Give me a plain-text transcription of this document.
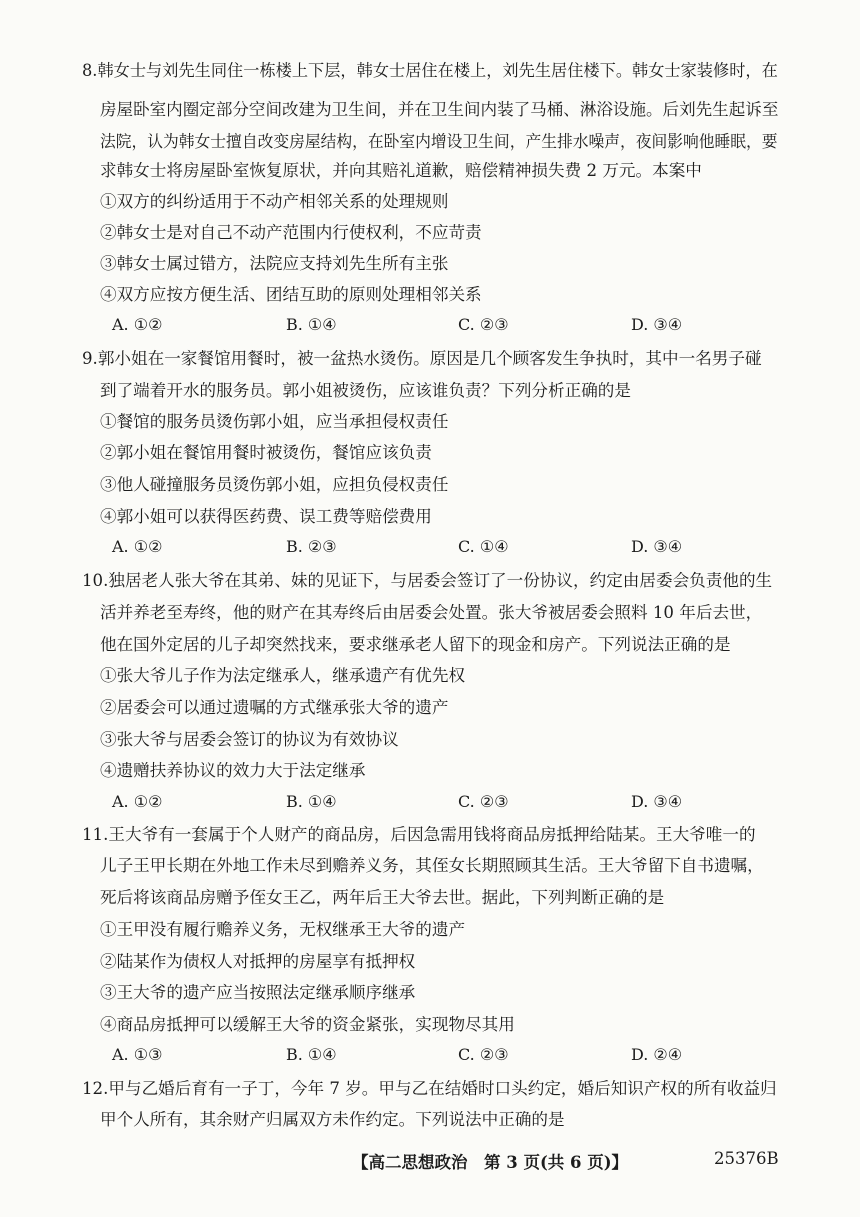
8.韩女士与刘先生同住一栋楼上下层，韩女士居住在楼上，刘先生居住楼下。韩女士家装修时，在
房屋卧室内圈定部分空间改建为卫生间，并在卫生间内装了马桶、淋浴设施。后刘先生起诉至
法院，认为韩女士擅自改变房屋结构，在卧室内增设卫生间，产生排水噪声，夜间影响他睡眠，要
求韩女士将房屋卧室恢复原状，并向其赔礼道歉，赔偿精神损失费 2 万元。本案中
①双方的纠纷适用于不动产相邻关系的处理规则
②韩女士是对自己不动产范围内行使权利，不应苛责
③韩女士属过错方，法院应支持刘先生所有主张
④双方应按方便生活、团结互助的原则处理相邻关系
A. ①②	B. ①④	C. ②③	D. ③④
9.郭小姐在一家餐馆用餐时，被一盆热水烫伤。原因是几个顾客发生争执时，其中一名男子碰
到了端着开水的服务员。郭小姐被烫伤，应该谁负责？下列分析正确的是
①餐馆的服务员烫伤郭小姐，应当承担侵权责任
②郭小姐在餐馆用餐时被烫伤，餐馆应该负责
③他人碰撞服务员烫伤郭小姐，应担负侵权责任
④郭小姐可以获得医药费、误工费等赔偿费用
A. ①②	B. ②③	C. ①④	D. ③④
10.独居老人张大爷在其弟、妹的见证下，与居委会签订了一份协议，约定由居委会负责他的生
活并养老至寿终，他的财产在其寿终后由居委会处置。张大爷被居委会照料 10 年后去世，
他在国外定居的儿子却突然找来，要求继承老人留下的现金和房产。下列说法正确的是
①张大爷儿子作为法定继承人，继承遗产有优先权
②居委会可以通过遗嘱的方式继承张大爷的遗产
③张大爷与居委会签订的协议为有效协议
④遗赠扶养协议的效力大于法定继承
A. ①②	B. ①④	C. ②③	D. ③④
11.王大爷有一套属于个人财产的商品房，后因急需用钱将商品房抵押给陆某。王大爷唯一的
儿子王甲长期在外地工作未尽到赡养义务，其侄女长期照顾其生活。王大爷留下自书遗嘱，
死后将该商品房赠予侄女王乙，两年后王大爷去世。据此，下列判断正确的是
①王甲没有履行赡养义务，无权继承王大爷的遗产
②陆某作为债权人对抵押的房屋享有抵押权
③王大爷的遗产应当按照法定继承顺序继承
④商品房抵押可以缓解王大爷的资金紧张，实现物尽其用
A. ①③	B. ①④	C. ②③	D. ②④
12.甲与乙婚后育有一子丁，今年 7 岁。甲与乙在结婚时口头约定，婚后知识产权的所有收益归
甲个人所有，其余财产归属双方未作约定。下列说法中正确的是
【高二思想政治　第 3 页(共 6 页)】	25376B
